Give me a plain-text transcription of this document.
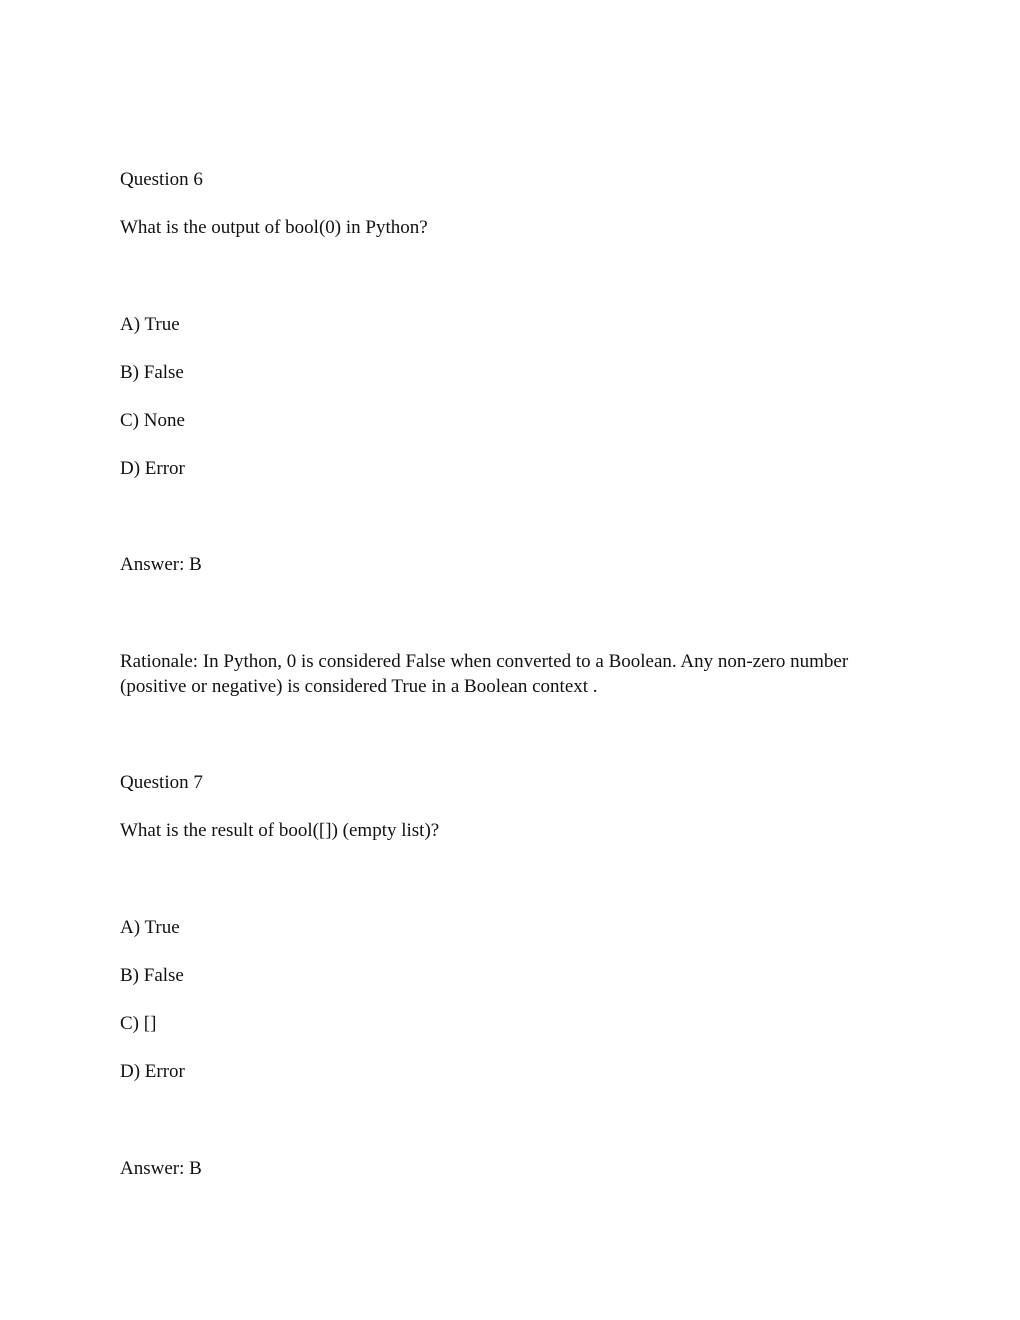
Question 6

What is the output of bool(0) in Python?

A) True

B) False

C) None

D) Error

Answer: B

Rationale: In Python, 0 is considered False when converted to a Boolean. Any non-zero number (positive or negative) is considered True in a Boolean context .

Question 7

What is the result of bool([]) (empty list)?

A) True

B) False

C) []

D) Error

Answer: B
